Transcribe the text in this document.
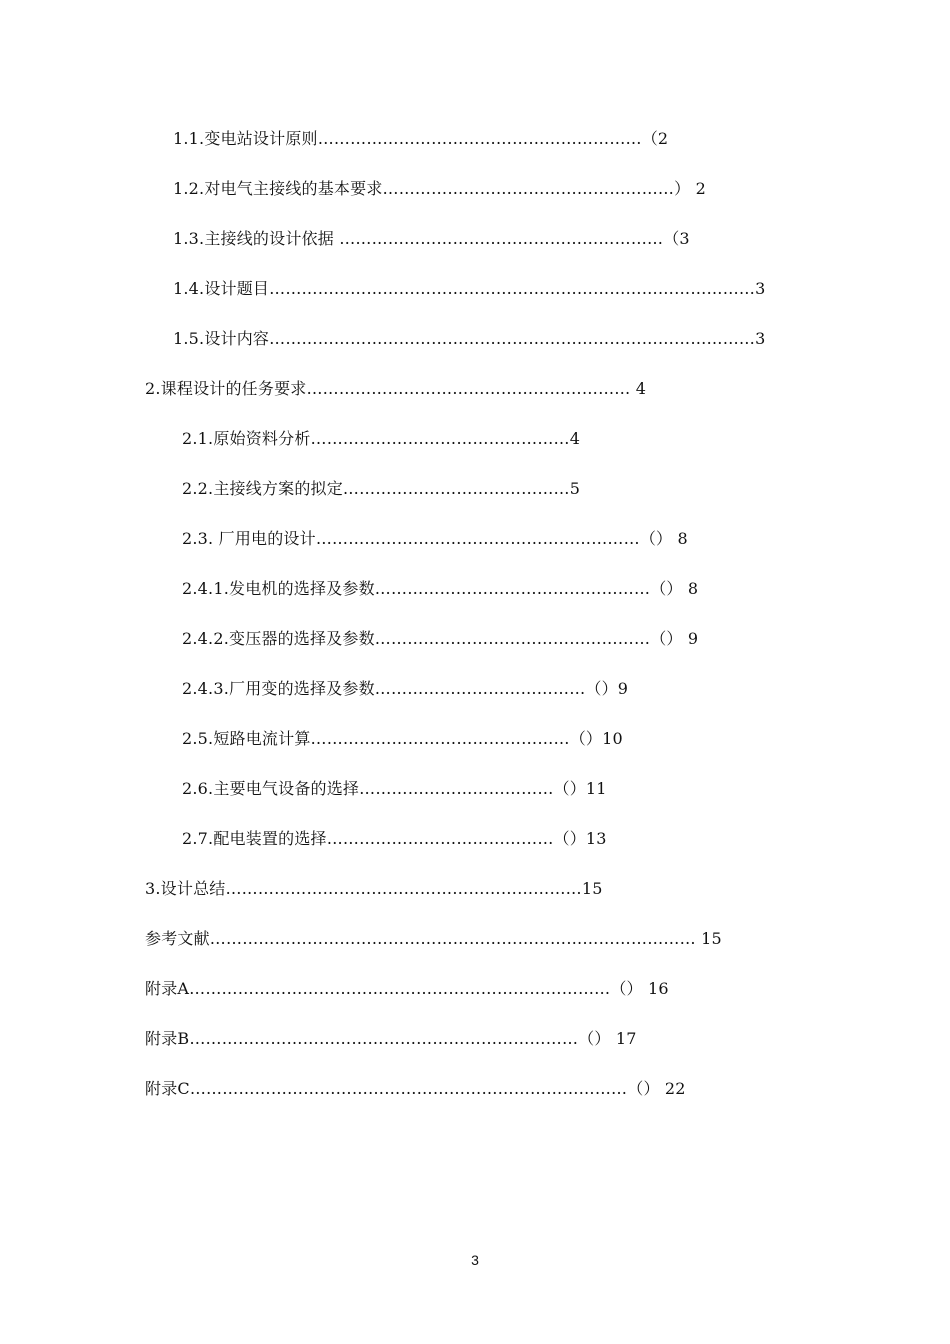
1.1.变电站设计原则……………………………………………………（2
1.2.对电气主接线的基本要求………………………………………………） 2
1.3.主接线的设计依据 ……………………………………………………（3
1.4.设计题目………………………………………………………………………………3
1.5.设计内容………………………………………………………………………………3
2.课程设计的任务要求…………………………………………………… 4
2.1.原始资料分析…………………………………………4
2.2.主接线方案的拟定……………………………………5
2.3. 厂用电的设计……………………………………………………（） 8
2.4.1.发电机的选择及参数……………………………………………（） 8
2.4.2.变压器的选择及参数……………………………………………（） 9
2.4.3.厂用变的选择及参数…………………………………（）9
2.5.短路电流计算…………………………………………（）10
2.6.主要电气设备的选择………………………………（）11
2.7.配电装置的选择……………………………………（）13
3.设计总结…………………………………………………………15
参考文献……………………………………………………………………………… 15
附录A……………………………………………………………………（） 16
附录B………………………………………………………………（） 17
附录C………………………………………………………………………（） 22
3
